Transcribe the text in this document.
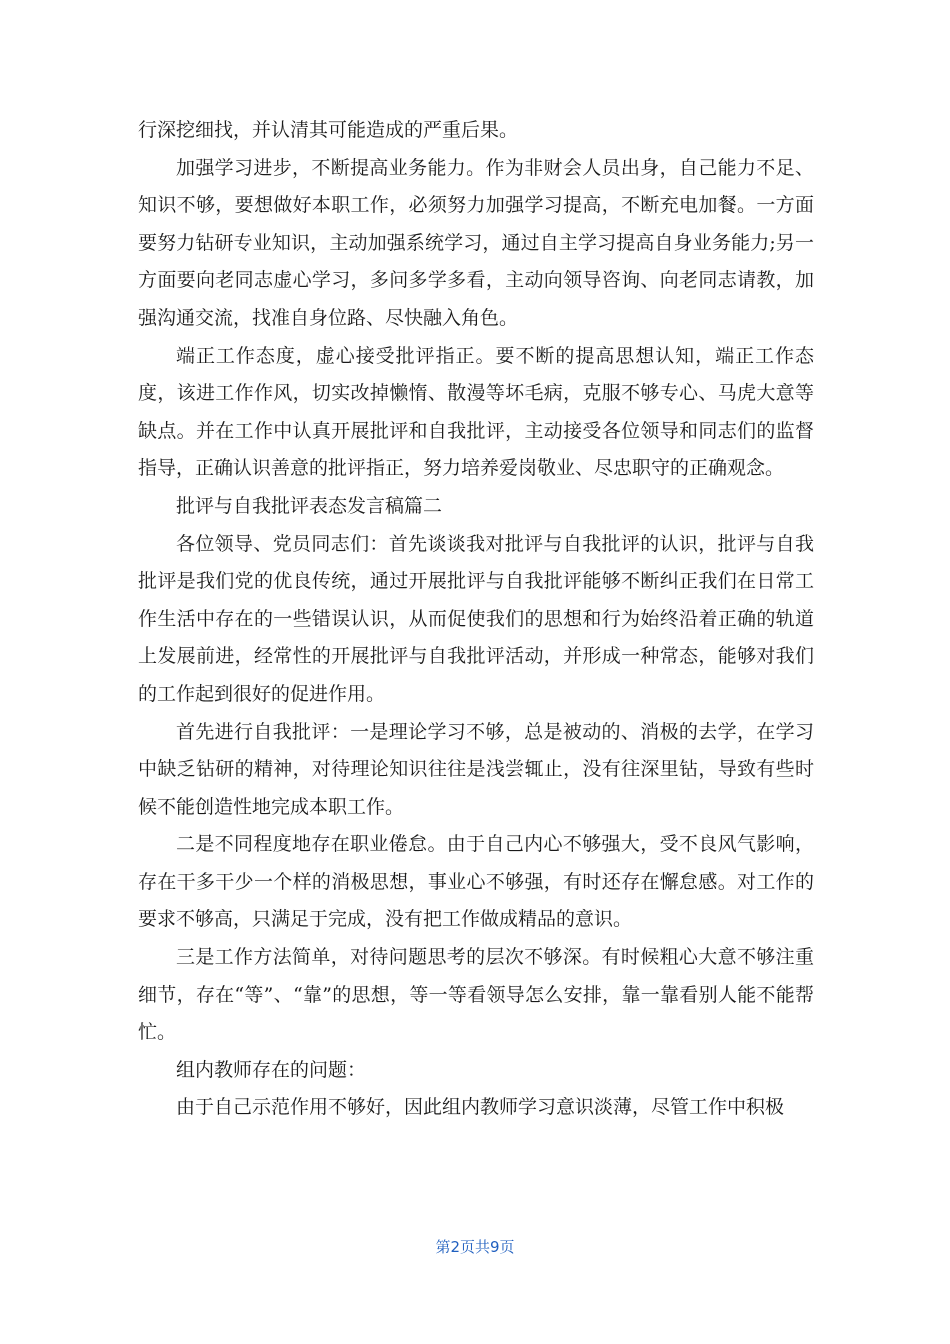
行深挖细找，并认清其可能造成的严重后果。

加强学习进步，不断提高业务能力。作为非财会人员出身，自己能力不足、知识不够，要想做好本职工作，必须努力加强学习提高，不断充电加餐。一方面要努力钻研专业知识，主动加强系统学习，通过自主学习提高自身业务能力;另一方面要向老同志虚心学习，多问多学多看，主动向领导咨询、向老同志请教，加强沟通交流，找准自身位路、尽快融入角色。

端正工作态度，虚心接受批评指正。要不断的提高思想认知，端正工作态度，该进工作作风，切实改掉懒惰、散漫等坏毛病，克服不够专心、马虎大意等缺点。并在工作中认真开展批评和自我批评，主动接受各位领导和同志们的监督指导，正确认识善意的批评指正，努力培养爱岗敬业、尽忠职守的正确观念。

批评与自我批评表态发言稿篇二

各位领导、党员同志们：首先谈谈我对批评与自我批评的认识，批评与自我批评是我们党的优良传统，通过开展批评与自我批评能够不断纠正我们在日常工作生活中存在的一些错误认识，从而促使我们的思想和行为始终沿着正确的轨道上发展前进，经常性的开展批评与自我批评活动，并形成一种常态，能够对我们的工作起到很好的促进作用。

首先进行自我批评：一是理论学习不够，总是被动的、消极的去学，在学习中缺乏钻研的精神，对待理论知识往往是浅尝辄止，没有往深里钻，导致有些时候不能创造性地完成本职工作。

二是不同程度地存在职业倦怠。由于自己内心不够强大，受不良风气影响，存在干多干少一个样的消极思想，事业心不够强，有时还存在懈怠感。对工作的要求不够高，只满足于完成，没有把工作做成精品的意识。

三是工作方法简单，对待问题思考的层次不够深。有时候粗心大意不够注重细节，存在“等”、“靠”的思想，等一等看领导怎么安排，靠一靠看别人能不能帮忙。

组内教师存在的问题：

由于自己示范作用不够好，因此组内教师学习意识淡薄，尽管工作中积极

第2页共9页
